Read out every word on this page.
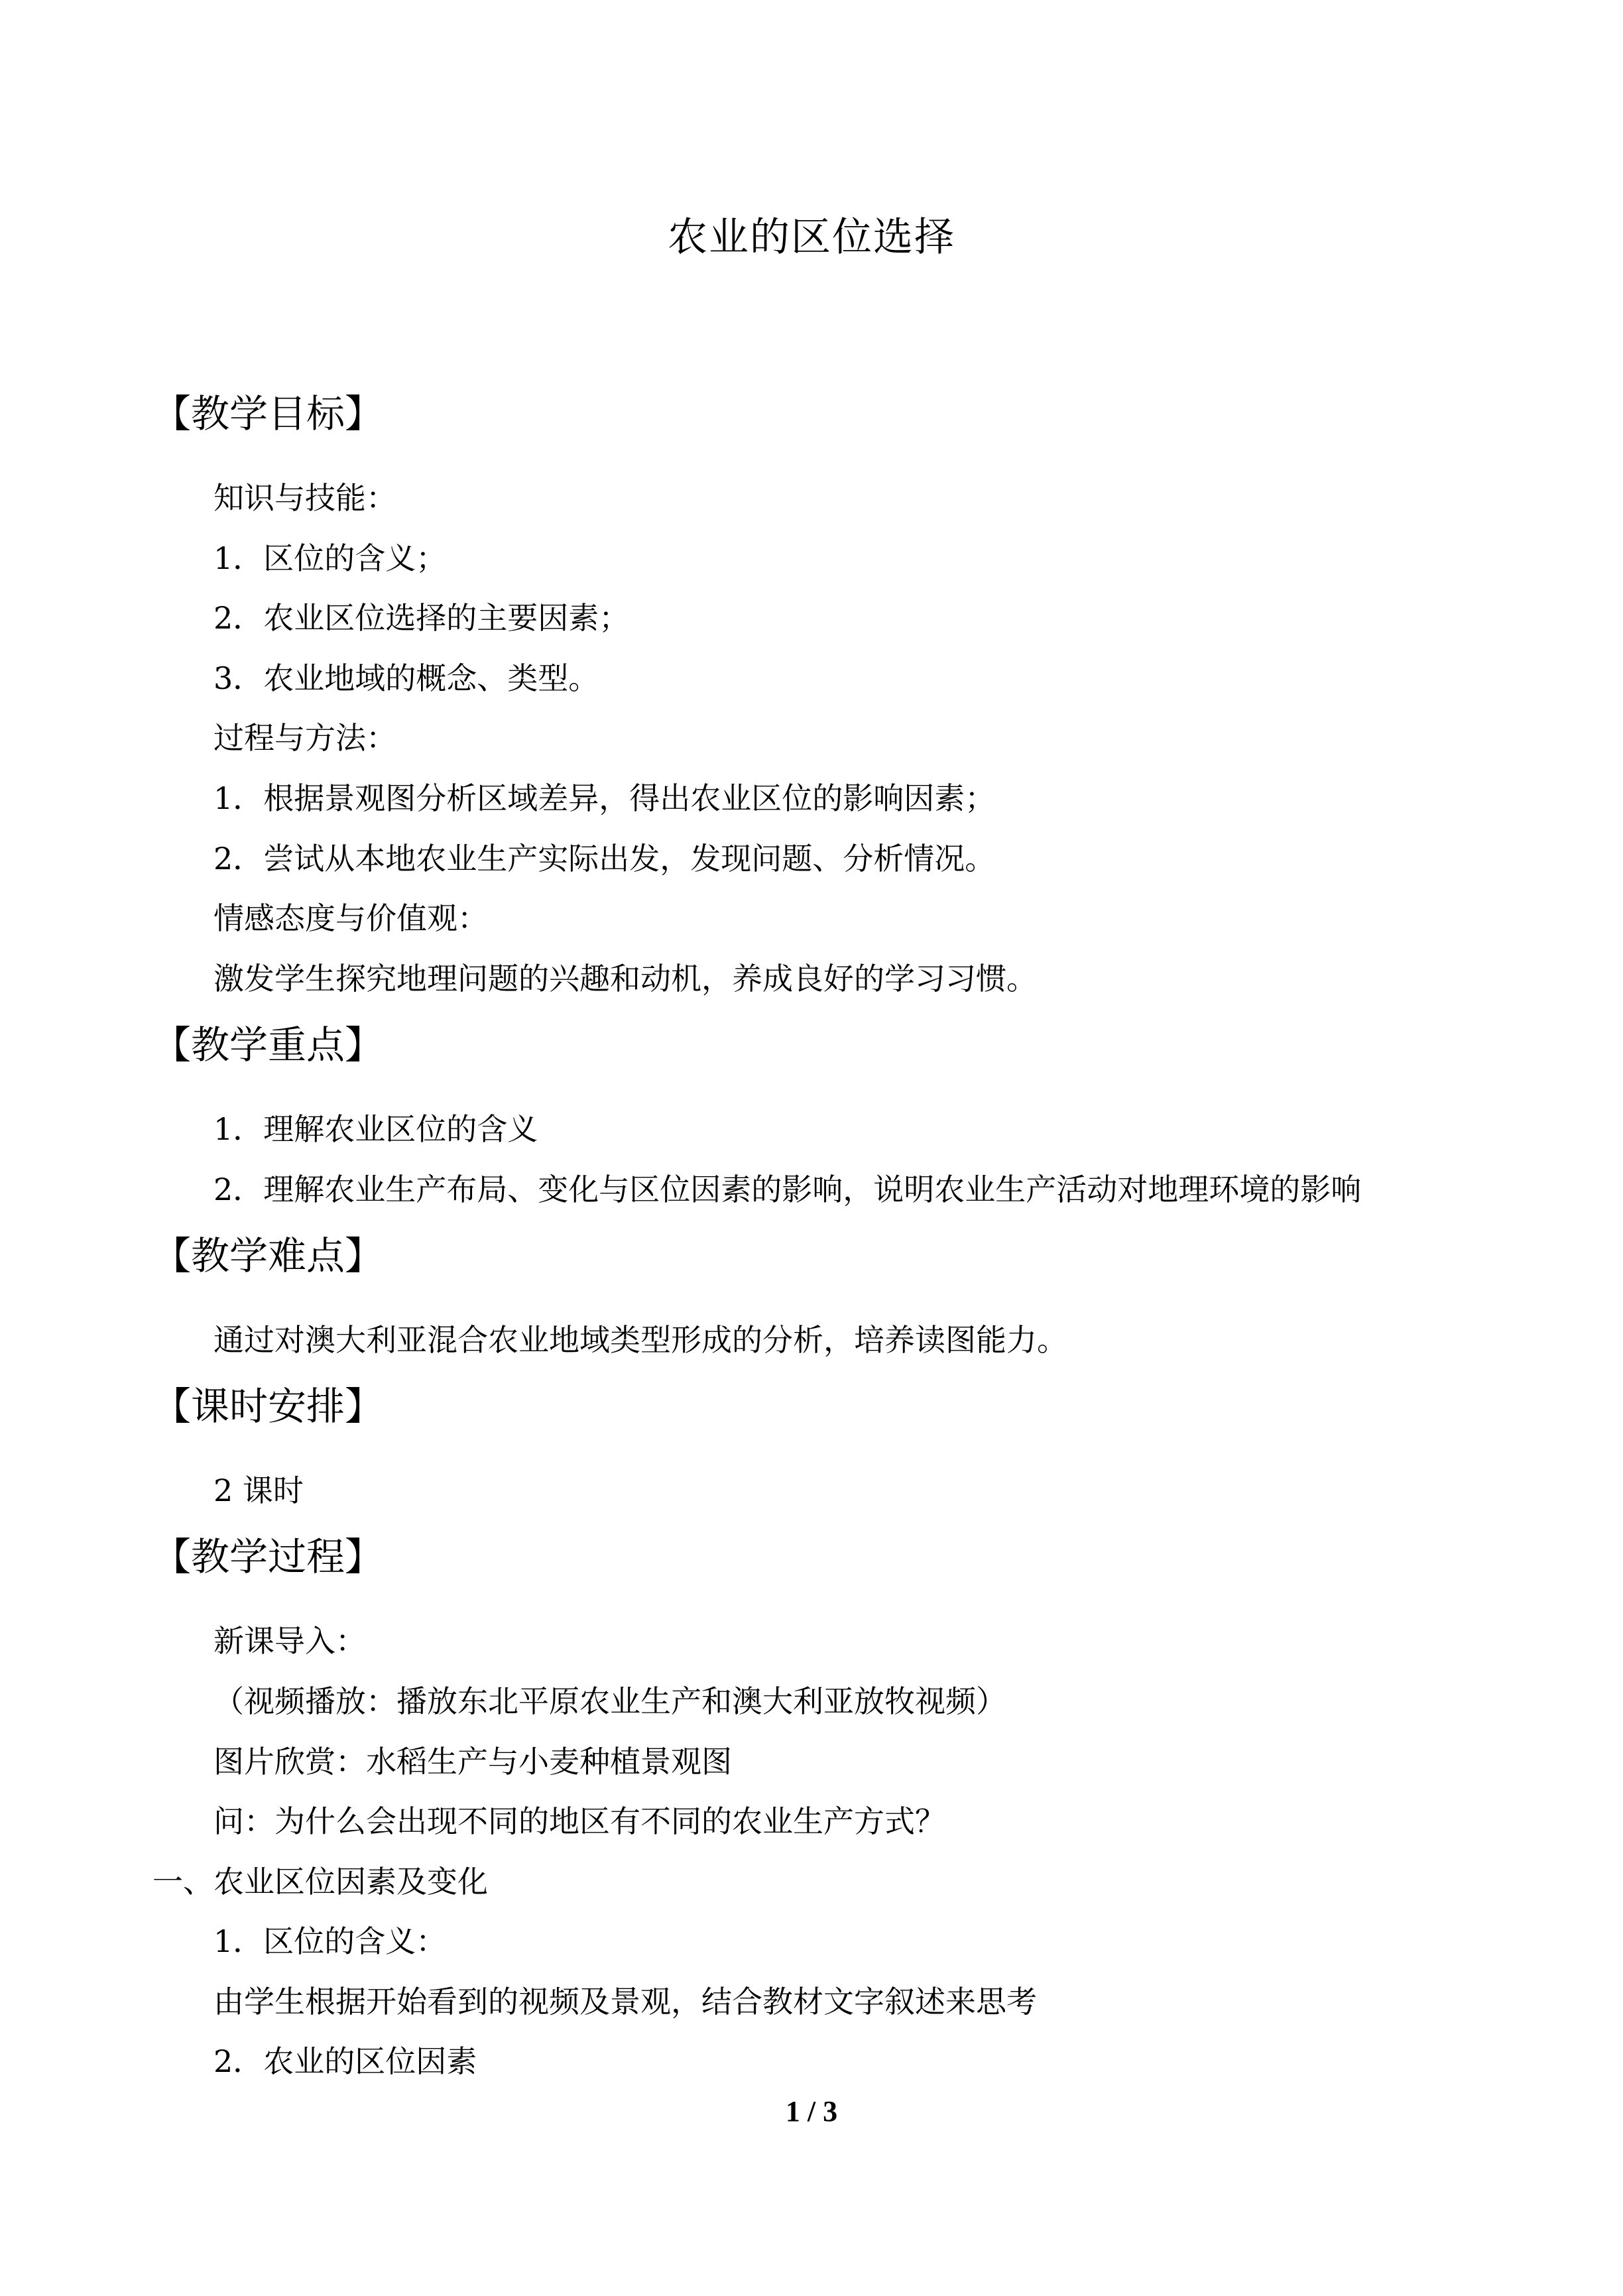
农业的区位选择
【教学目标】
知识与技能：
1．区位的含义；
2．农业区位选择的主要因素；
3．农业地域的概念、类型。
过程与方法：
1．根据景观图分析区域差异，得出农业区位的影响因素；
2．尝试从本地农业生产实际出发，发现问题、分析情况。
情感态度与价值观：
激发学生探究地理问题的兴趣和动机，养成良好的学习习惯。
【教学重点】
1．理解农业区位的含义
2．理解农业生产布局、变化与区位因素的影响，说明农业生产活动对地理环境的影响
【教学难点】
通过对澳大利亚混合农业地域类型形成的分析，培养读图能力。
【课时安排】
2 课时
【教学过程】
新课导入：
（视频播放：播放东北平原农业生产和澳大利亚放牧视频）
图片欣赏：水稻生产与小麦种植景观图
问：为什么会出现不同的地区有不同的农业生产方式？
一、农业区位因素及变化
1．区位的含义：
由学生根据开始看到的视频及景观，结合教材文字叙述来思考
2．农业的区位因素
1 / 3
